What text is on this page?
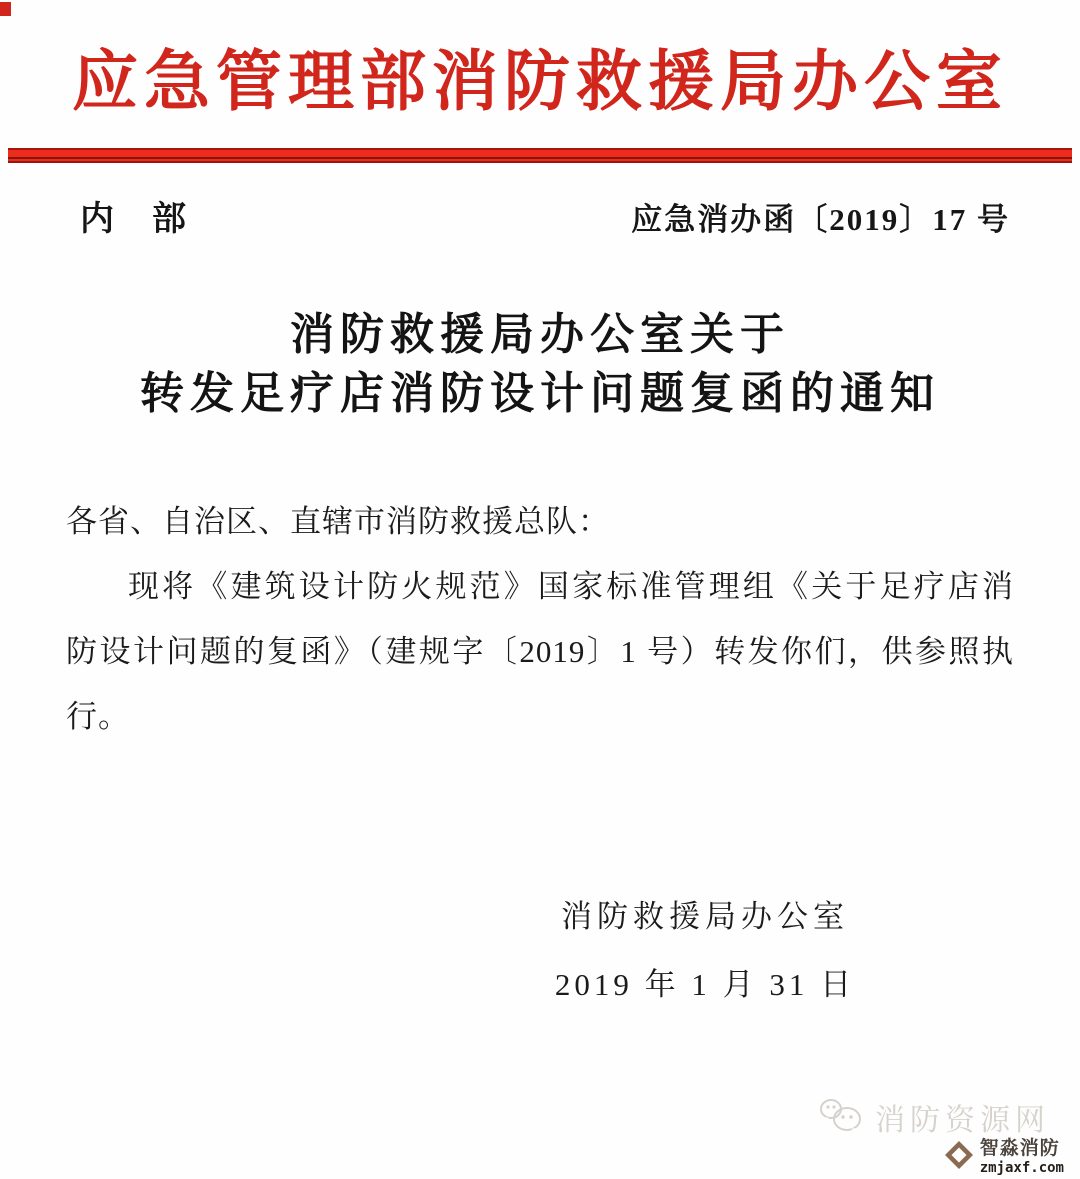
应急管理部消防救援局办公室
内　部	应急消办函〔2019〕17 号
消防救援局办公室关于
转发足疗店消防设计问题复函的通知
各省、自治区、直辖市消防救援总队：
现将《建筑设计防火规范》国家标准管理组《关于足疗店消
防设计问题的复函》（建规字〔2019〕1 号）转发你们，供参照执
行。
消防救援局办公室
2019 年 1 月 31 日
消防资源网
智淼消防
zmjaxf.com
